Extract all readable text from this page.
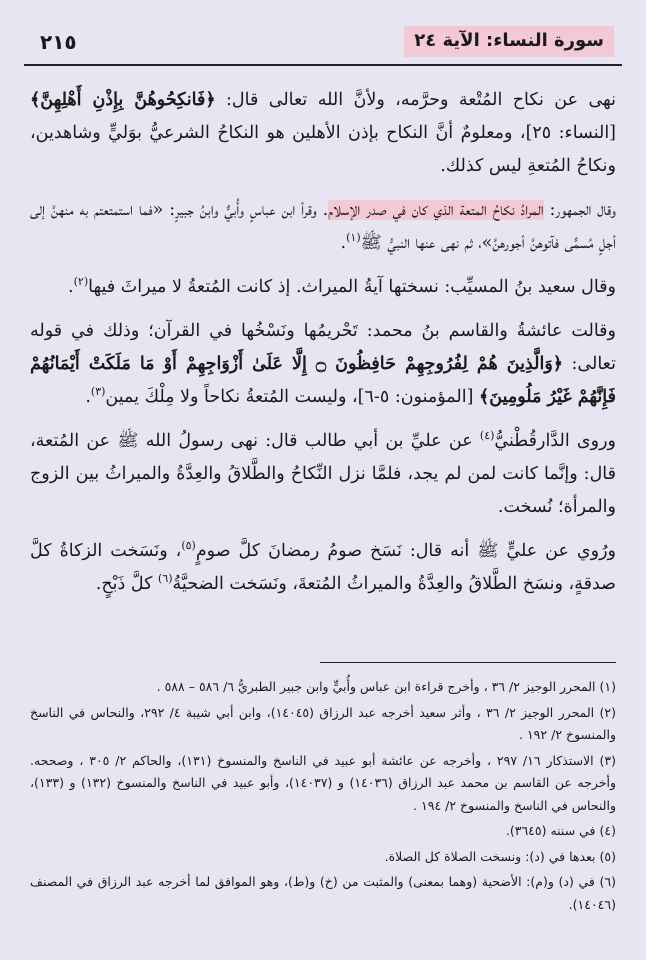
سورة النساء: الآية ٢٤
٢١٥

نهى عن نكاح المُتْعة وحرَّمه، ولأنَّ الله تعالى قال: ﴿فَانكِحُوهُنَّ بِإِذْنِ أَهْلِهِنَّ﴾ [النساء: ٢٥]، ومعلومٌ أنَّ النكاح بإذن الأهلين هو النكاحُ الشرعيُّ بوَليٍّ وشاهدين، ونكاحُ المُتعةِ ليس كذلك.

وقال الجمهور: المرادُ نكاحُ المتعة الذي كان في صدر الإسلام. وقرأ ابن عباسٍ وأُبيٌّ وابنُ جبيرٍ: «فما استمتعتم به منهنَّ إلى أجلٍ مُسمًّى فآتوهنَّ أجورهنَّ»، ثم نهى عنها النبيُّ ﷺ$^{(١)}$.

وقال سعيد بنُ المسيِّب: نسختها آيةُ الميراث. إذ كانت المُتعةُ لا ميراثَ فيها$^{(٢)}$.

وقالت عائشةُ والقاسم بنُ محمد: تَحْريمُها ونَسْخُها في القرآن؛ وذلك في قوله تعالى: ﴿وَالَّذِينَ هُمْ لِفُرُوجِهِمْ حَافِظُونَ ۝ إِلَّا عَلَىٰ أَزْوَاجِهِمْ أَوْ مَا مَلَكَتْ أَيْمَانُهُمْ فَإِنَّهُمْ غَيْرُ مَلُومِينَ﴾ [المؤمنون: ٥-٦]، وليست المُتعةُ نكاحاً ولا مِلْكَ يمين$^{(٣)}$.

وروى الدَّارقُطْنيُّ$^{(٤)}$ عن عليِّ بن أبي طالب قال: نهى رسولُ الله ﷺ عن المُتعة، قال: وإنَّما كانت لمن لم يجد، فلمَّا نزل النِّكاحُ والطَّلاقُ والعِدَّةُ والميراثُ بين الزوج والمرأة؛ نُسخت.

ورُوي عن عليٍّ ﷺ أنه قال: نَسَخ صومُ رمضانَ كلَّ صومٍ$^{(٥)}$، ونَسَخت الزكاةُ كلَّ صدقةٍ، ونسَخ الطَّلاقُ والعِدَّةُ والميراثُ المُتعةَ، ونَسَخت الضحيَّةُ$^{(٦)}$ كلَّ ذَبْحٍ.

(١) المحرر الوجيز ٢/ ٣٦ ، وأخرج قراءة ابن عباس وأُبيٍّ وابن جبير الطبريُّ ٦/ ٥٨٦ – ٥٨٨ .

(٢) المحرر الوجيز ٢/ ٣٦ ، وأثر سعيد أخرجه عبد الرزاق (١٤٠٤٥)، وابن أبي شيبة ٤/ ٢٩٢، والنحاس في الناسخ والمنسوخ ٢/ ١٩٢ .

(٣) الاستذكار ١٦/ ٢٩٧ ، وأخرجه عن عائشة أبو عبيد في الناسخ والمنسوخ (١٣١)، والحاكم ٢/ ٣٠٥ ، وصححه. وأخرجه عن القاسم بن محمد عبد الرزاق (١٤٠٣٦) و (١٤٠٣٧)، وأبو عبيد في الناسخ والمنسوخ (١٣٢) و (١٣٣)، والنحاس في الناسخ والمنسوخ ٢/ ١٩٤ .

(٤) في سننه (٣٦٤٥).

(٥) بعدها في (د): ونسخت الصلاة كل الصلاة.

(٦) في (د) و(م): الأضحية (وهما بمعنى) والمثبت من (خ) و(ط)، وهو الموافق لما أخرجه عبد الرزاق في المصنف (١٤٠٤٦).
